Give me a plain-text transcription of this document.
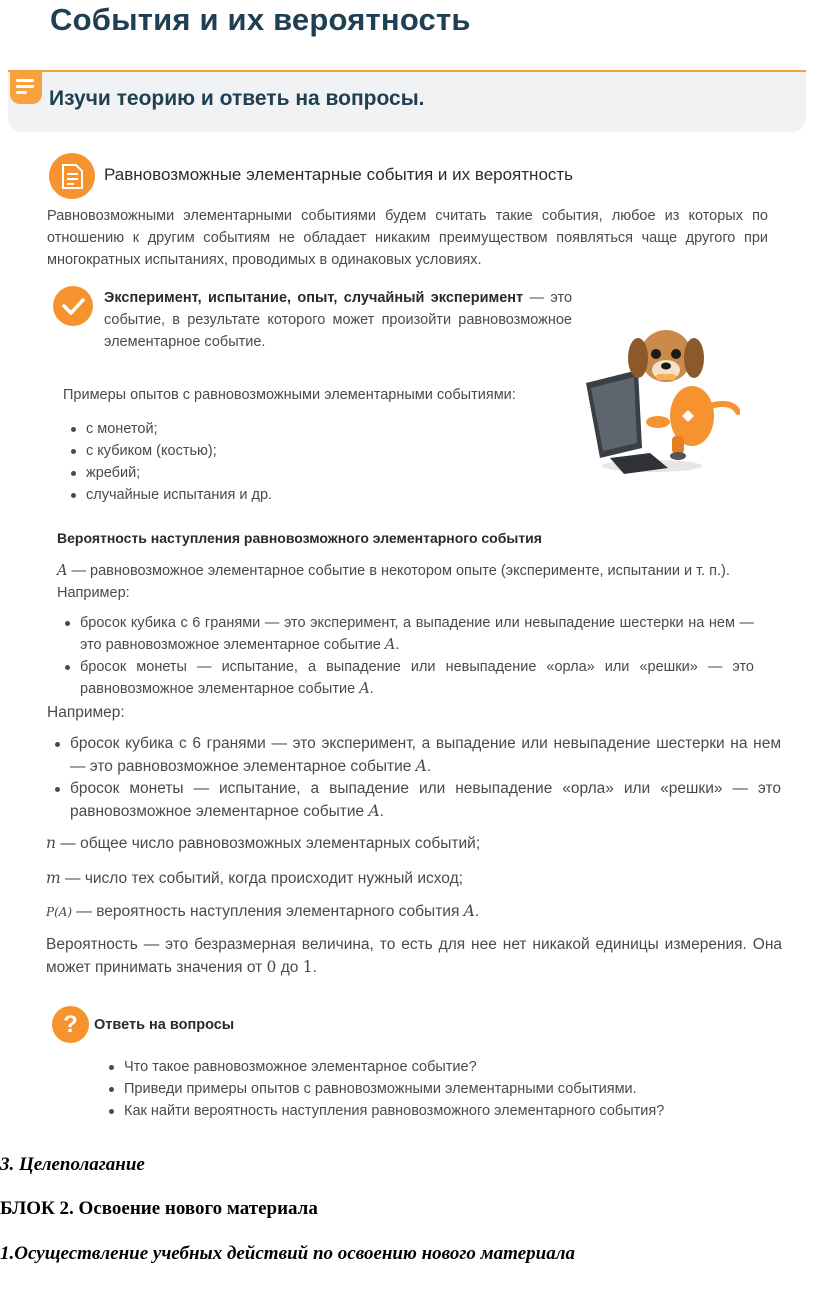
События и их вероятность
Изучи теорию и ответь на вопросы.
Равновозможные элементарные события и их вероятность
Равновозможными элементарными событиями будем считать такие события, любое из которых по отношению к другим событиям не обладает никаким преимуществом появляться чаще другого при многократных испытаниях, проводимых в одинаковых условиях.
Эксперимент, испытание, опыт, случайный эксперимент — это событие, в результате которого может произойти равновозможное элементарное событие.
Примеры опытов с равновозможными элементарными событиями:
с монетой;
с кубиком (костью);
жребий;
случайные испытания и др.
Вероятность наступления равновозможного элементарного события
A — равновозможное элементарное событие в некотором опыте (эксперименте, испытании и т. п.).
Например:
бросок кубика с 6 гранями — это эксперимент, а выпадение или невыпадение шестерки на нем — это равновозможное элементарное событие A.
бросок монеты — испытание, а выпадение или невыпадение «орла» или «решки» — это равновозможное элементарное событие A.
Например:
бросок кубика с 6 гранями — это эксперимент, а выпадение или невыпадение шестерки на нем — это равновозможное элементарное событие A.
бросок монеты — испытание, а выпадение или невыпадение «орла» или «решки» — это равновозможное элементарное событие A.
n — общее число равновозможных элементарных событий;
m — число тех событий, когда происходит нужный исход;
P(A) — вероятность наступления элементарного события A.
Вероятность — это безразмерная величина, то есть для нее нет никакой единицы измерения. Она может принимать значения от 0 до 1.
?	Ответь на вопросы
Что такое равновозможное элементарное событие?
Приведи примеры опытов с равновозможными элементарными событиями.
Как найти вероятность наступления равновозможного элементарного события?
3. Целеполагание
БЛОК 2. Освоение нового материала
1.Осуществление учебных действий по освоению нового материала
